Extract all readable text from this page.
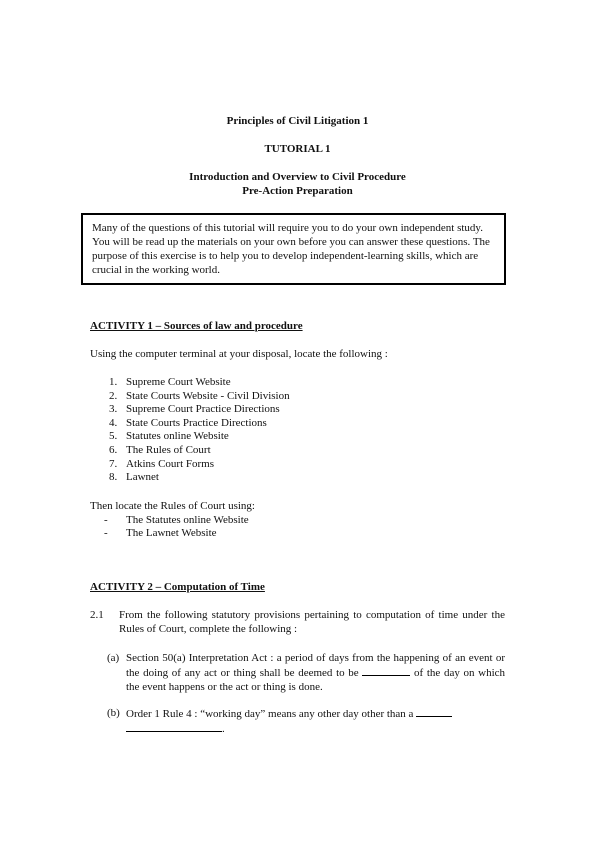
Principles of Civil Litigation 1
TUTORIAL 1
Introduction and Overview to Civil Procedure
Pre-Action Preparation
Many of the questions of this tutorial will require you to do your own independent study. You will be read up the materials on your own before you can answer these questions. The purpose of this exercise is to help you to develop independent-learning skills, which are crucial in the working world.
ACTIVITY 1 – Sources of law and procedure
Using the computer terminal at your disposal, locate the following :
1. Supreme Court Website
2. State Courts Website - Civil Division
3. Supreme Court Practice Directions
4. State Courts Practice Directions
5. Statutes online Website
6. The Rules of Court
7. Atkins Court Forms
8. Lawnet
Then locate the Rules of Court using:
-	The Statutes online Website
-	The Lawnet Website
ACTIVITY 2 – Computation of Time
2.1 From the following statutory provisions pertaining to computation of time under the Rules of Court, complete the following :
(a) Section 50(a) Interpretation Act : a period of days from the happening of an event or the doing of any act or thing shall be deemed to be	of the day on which the event happens or the act or thing is done.
(b) Order 1 Rule 4 : “working day” means any other day other than a
.
